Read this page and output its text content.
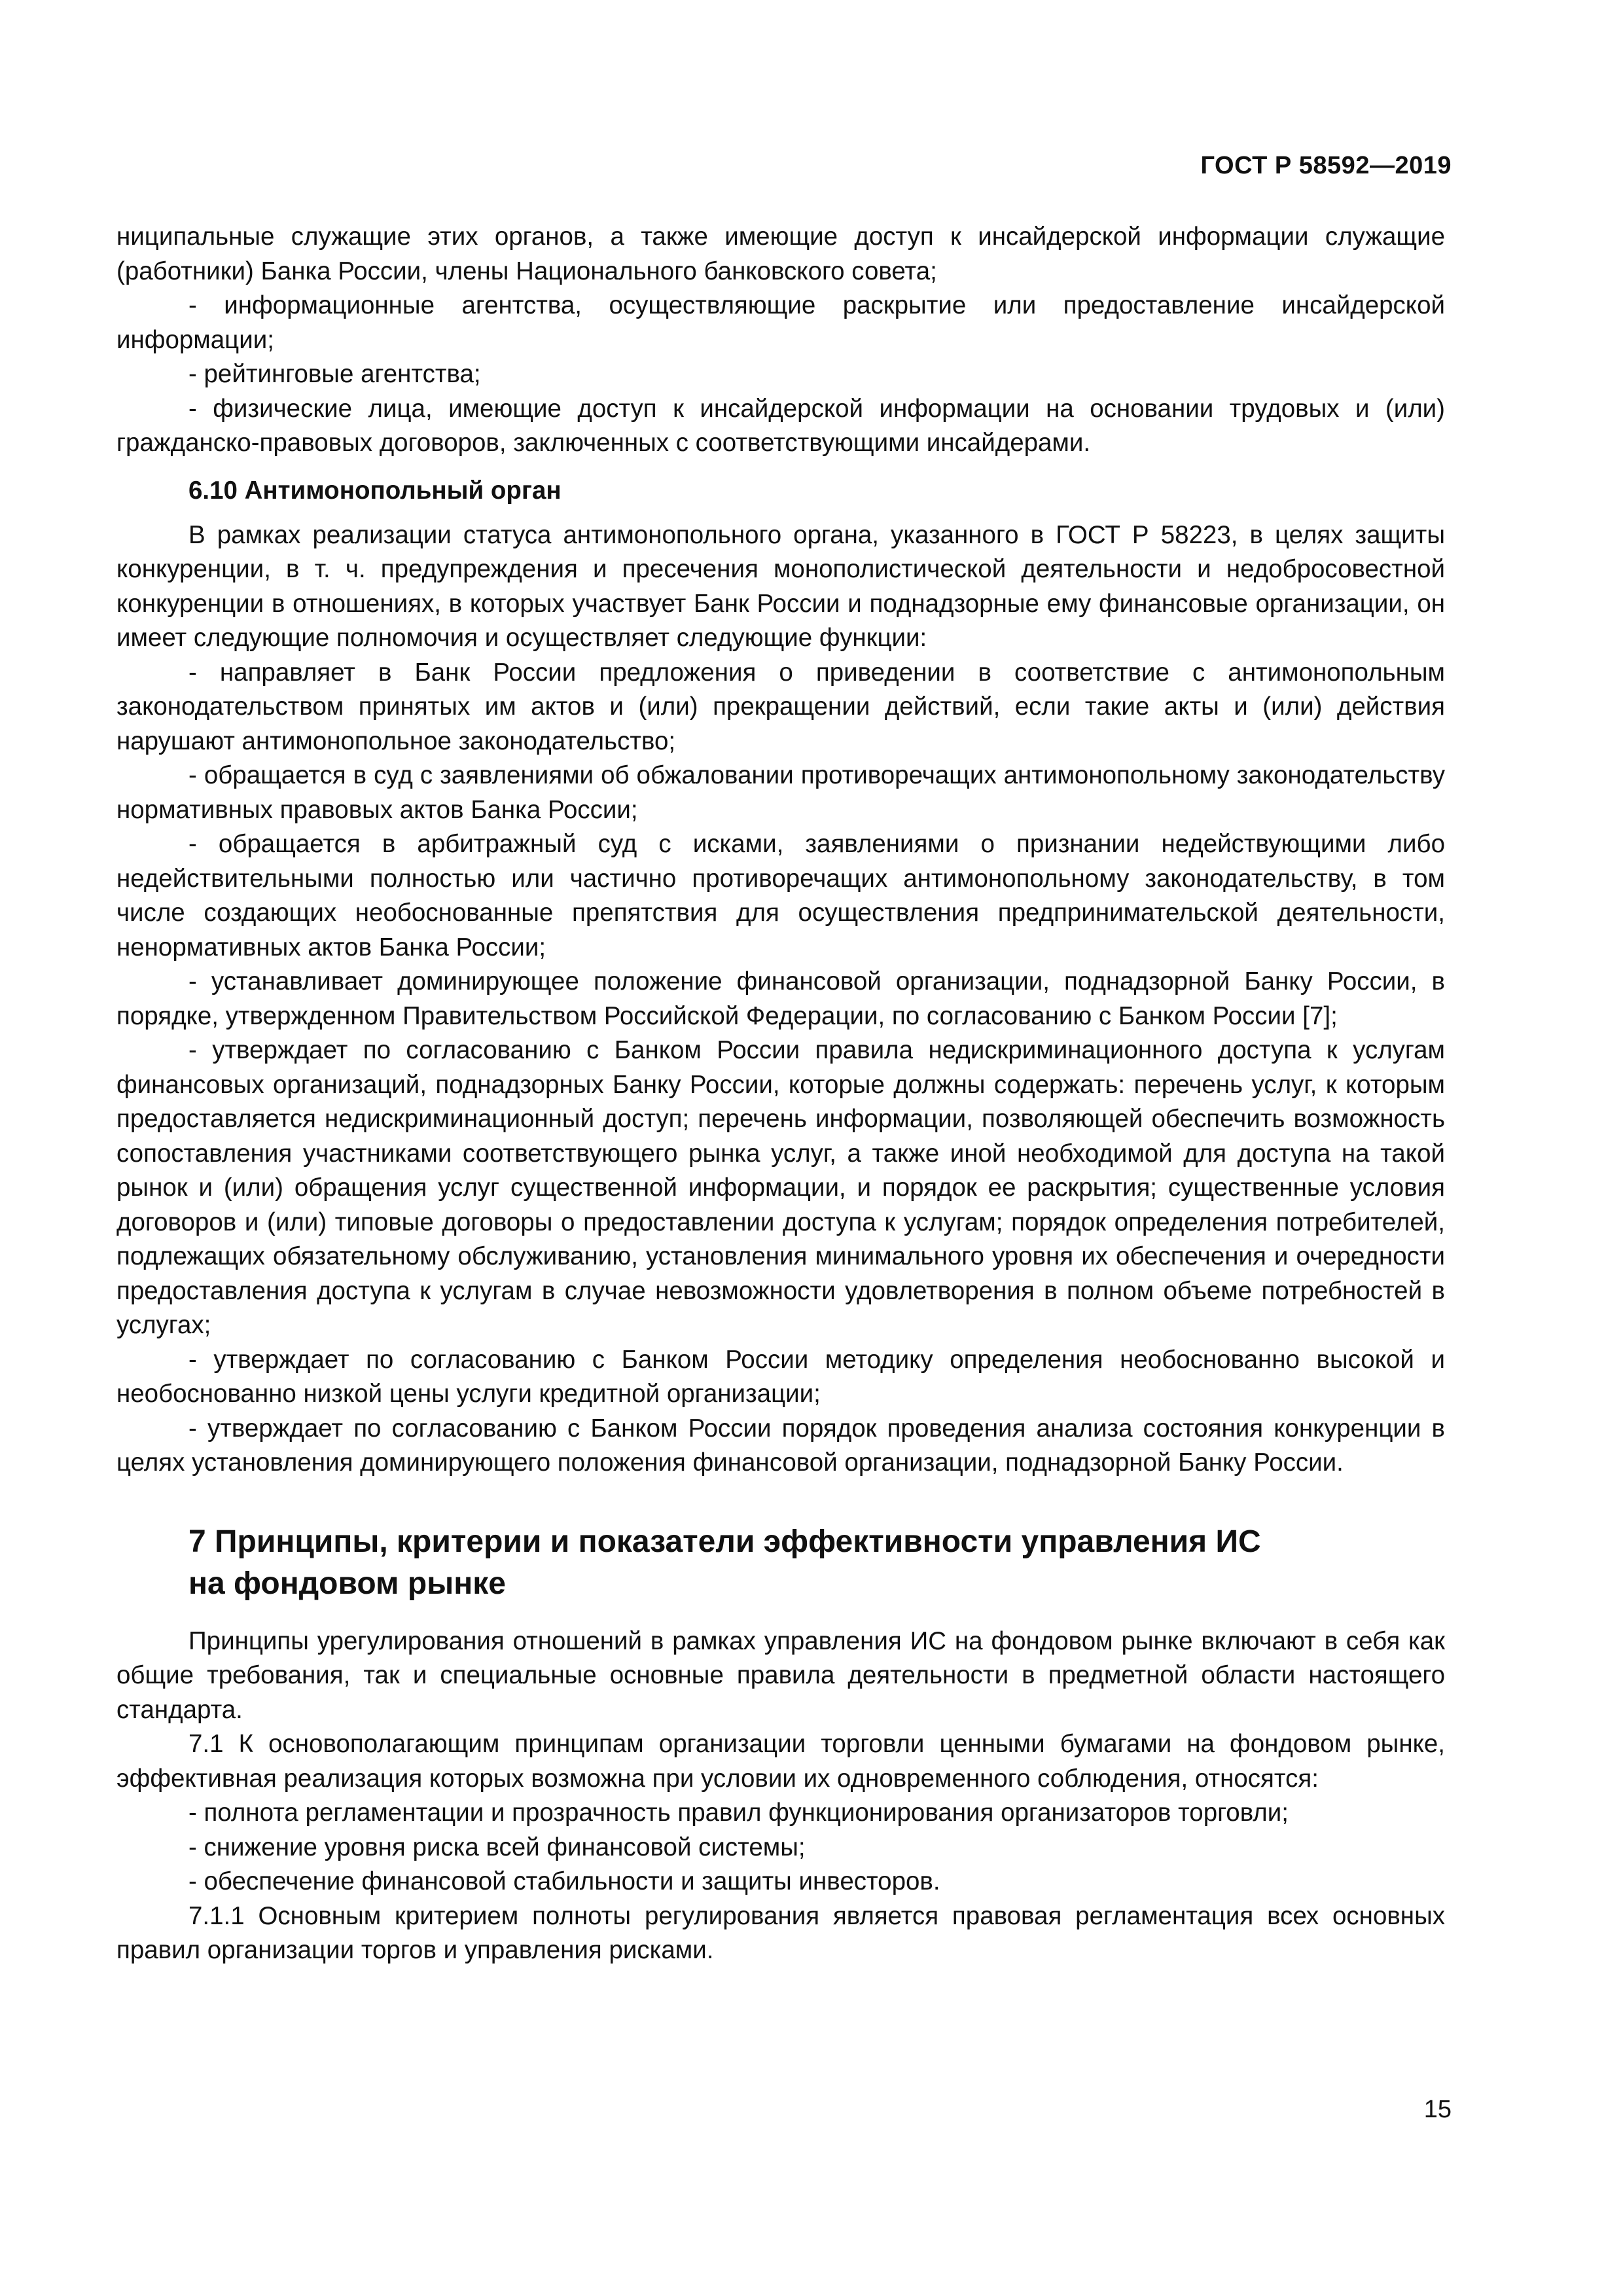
ГОСТ Р 58592—2019

ниципальные служащие этих органов, а также имеющие доступ к инсайдерской информации служащие (работники) Банка России, члены Национального банковского совета;

- информационные агентства, осуществляющие раскрытие или предоставление инсайдерской информации;

- рейтинговые агентства;

- физические лица, имеющие доступ к инсайдерской информации на основании трудовых и (или) гражданско-правовых договоров, заключенных с соответствующими инсайдерами.

6.10 Антимонопольный орган

В рамках реализации статуса антимонопольного органа, указанного в ГОСТ Р 58223, в целях защиты конкуренции, в т. ч. предупреждения и пресечения монополистической деятельности и недобросовестной конкуренции в отношениях, в которых участвует Банк России и поднадзорные ему финансовые организации, он имеет следующие полномочия и осуществляет следующие функции:

- направляет в Банк России предложения о приведении в соответствие с антимонопольным законодательством принятых им актов и (или) прекращении действий, если такие акты и (или) действия нарушают антимонопольное законодательство;

- обращается в суд с заявлениями об обжаловании противоречащих антимонопольному законодательству нормативных правовых актов Банка России;

- обращается в арбитражный суд с исками, заявлениями о признании недействующими либо недействительными полностью или частично противоречащих антимонопольному законодательству, в том числе создающих необоснованные препятствия для осуществления предпринимательской деятельности, ненормативных актов Банка России;

- устанавливает доминирующее положение финансовой организации, поднадзорной Банку России, в порядке, утвержденном Правительством Российской Федерации, по согласованию с Банком России [7];

- утверждает по согласованию с Банком России правила недискриминационного доступа к услугам финансовых организаций, поднадзорных Банку России, которые должны содержать: перечень услуг, к которым предоставляется недискриминационный доступ; перечень информации, позволяющей обеспечить возможность сопоставления участниками соответствующего рынка услуг, а также иной необходимой для доступа на такой рынок и (или) обращения услуг существенной информации, и порядок ее раскрытия; существенные условия договоров и (или) типовые договоры о предоставлении доступа к услугам; порядок определения потребителей, подлежащих обязательному обслуживанию, установления минимального уровня их обеспечения и очередности предоставления доступа к услугам в случае невозможности удовлетворения в полном объеме потребностей в услугах;

- утверждает по согласованию с Банком России методику определения необоснованно высокой и необоснованно низкой цены услуги кредитной организации;

- утверждает по согласованию с Банком России порядок проведения анализа состояния конкуренции в целях установления доминирующего положения финансовой организации, поднадзорной Банку России.

7 Принципы, критерии и показатели эффективности управления ИС
на фондовом рынке

Принципы урегулирования отношений в рамках управления ИС на фондовом рынке включают в себя как общие требования, так и специальные основные правила деятельности в предметной области настоящего стандарта.

7.1 К основополагающим принципам организации торговли ценными бумагами на фондовом рынке, эффективная реализация которых возможна при условии их одновременного соблюдения, относятся:

- полнота регламентации и прозрачность правил функционирования организаторов торговли;

- снижение уровня риска всей финансовой системы;

- обеспечение финансовой стабильности и защиты инвесторов.

7.1.1 Основным критерием полноты регулирования является правовая регламентация всех основных правил организации торгов и управления рисками.

15
